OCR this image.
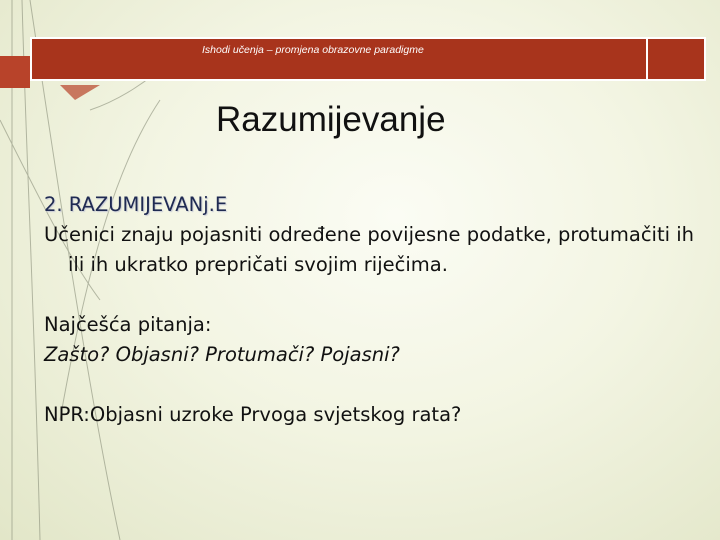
Ishodi učenja – promjena obrazovne paradigme
Razumijevanje

2. RAZUMIJEVANj.E

Učenici znaju pojasniti određene povijesne podatke, protumačiti ih ili ih ukratko prepričati svojim riječima.

Najčešća pitanja:

Zašto? Objasni? Protumači? Pojasni?

NPR:Objasni uzroke Prvoga svjetskog rata?
